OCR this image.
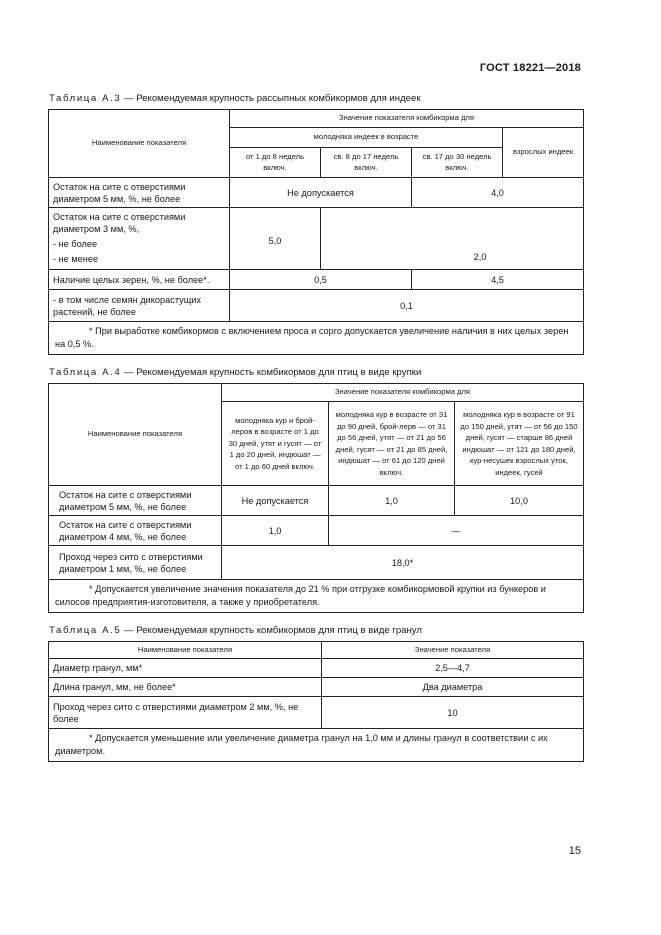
ГОСТ 18221—2018
Таблица А.3 — Рекомендуемая крупность рассыпных комбикормов для индеек
Наименование показателя	Значение показателя комбикорма для			
	молодняка индеек в возрасте			взрослых индеек
	от 1 до 8 недель включ.	св. 8 до 17 недель включ.	св. 17 до 30 недель включ.	
Остаток на сите с отверстиями диаметром 5 мм, %, не более	Не допускается		4,0	

Остаток на сите с отверстиями диаметром 3 мм, %,
- не более
- не менее	5,0	2,0		
Наличие целых зерен, %, не более*.	0,5		4,5	
- в том числе семян дикорастущих растений, не более	0,1			

* При выработке комбикормов с включением проса и сорго допускается увеличение наличия в них целых зерен на 0,5 %.				
Таблица А.4 — Рекомендуемая крупность комбикормов для птиц в виде крупки
Наименование показателя	Значение показателя комбикорма для		
	молодняка кур и брой-леров в возрасте от 1 до 30 дней, утят и гусят — от 1 до 20 дней, индюшат — от 1 до 60 дней включ.	молодняка кур в возрасте от 31 до 90 дней, брой-лерв — от 31 до 56 дней, утят — от 21 до 56 дней, гусят — от 21 до 85 дней, индюшат — от 61 до 120 дней включ.	молодняка кур в возрасте от 91 до 150 дней, утят — от 56 до 150 дней, гусят — старше 86 дней индюшат — от 121 до 180 дней, кур-несушек взрослых уток, индеек, гусей
Остаток на сите с отверстиями диаметром 5 мм, %, не более	Не допускается	1,0	10,0
Остаток на сите с отверстиями диаметром 4 мм, %, не более	1,0	—	
Проход через сито с отверстиями диаметром 1 мм, %, не более	18,0*		

* Допускается увеличение значения показателя до 21 % при отгрузке комбикормовой крупки из бункеров и силосов предприятия-изготовителя, а также у приобретателя.			
Таблица А.5 — Рекомендуемая крупность комбикормов для птиц в виде гранул
Наименование показателя	Значение показателя
Диаметр гранул, мм*	2,5—4,7
Длина гранул, мм, не более*	Два диаметра
Проход через сито с отверстиями диаметром 2 мм, %, не более	10

* Допускается уменьшение или увеличение диаметра гранул на 1,0 мм и длины гранул в соответствии с их диаметром.	
15
